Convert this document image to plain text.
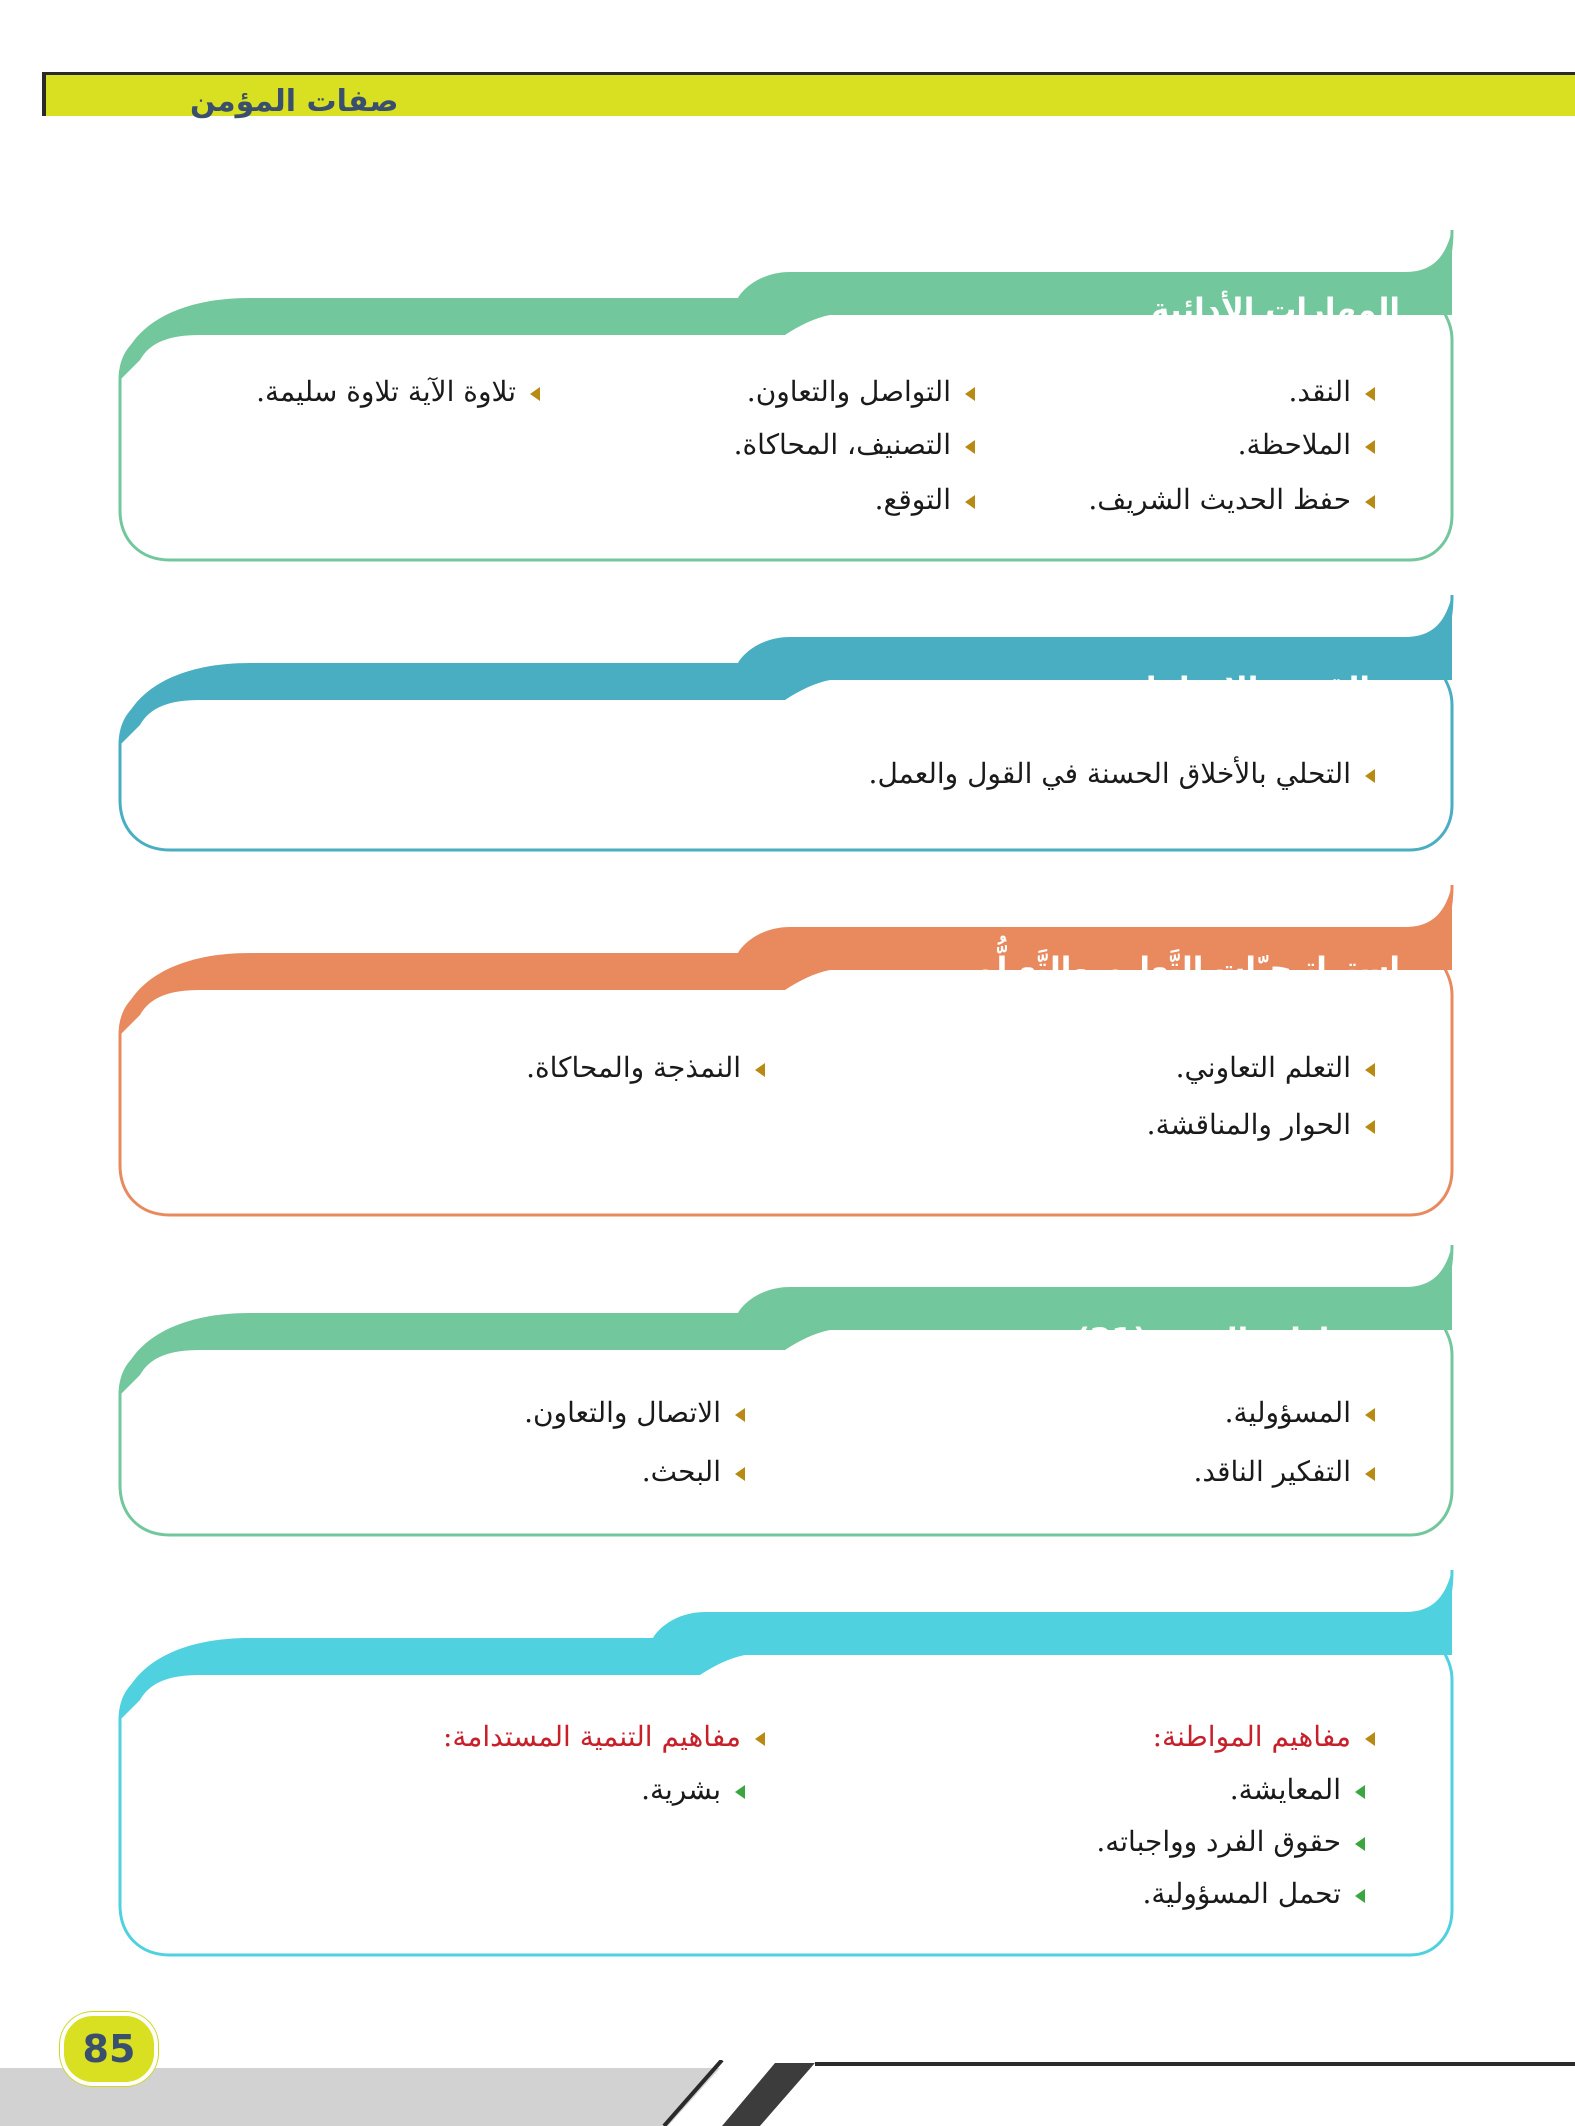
صفات المؤمن
المهارات الأدائية
النقد.
الملاحظة.
حفظ الحديث الشريف.
التواصل والتعاون.
التصنيف، المحاكاة.
التوقع.
تلاوة الآية تلاوة سليمة.
القيم والاتجاهات
التحلي بالأخلاق الحسنة في القول والعمل.
إستراتيجيّات التَّعليم والتَّعـلُّم
التعلم التعاوني.
الحوار والمناقشة.
النمذجة والمحاكاة.
مهارات القرن (21)
المسؤولية.
التفكير الناقد.
الاتصال والتعاون.
البحث.
المفاهيم
مفاهيم المواطنة:
المعايشة.
حقوق الفرد وواجباته.
تحمل المسؤولية.
مفاهيم التنمية المستدامة:
بشرية.
85
